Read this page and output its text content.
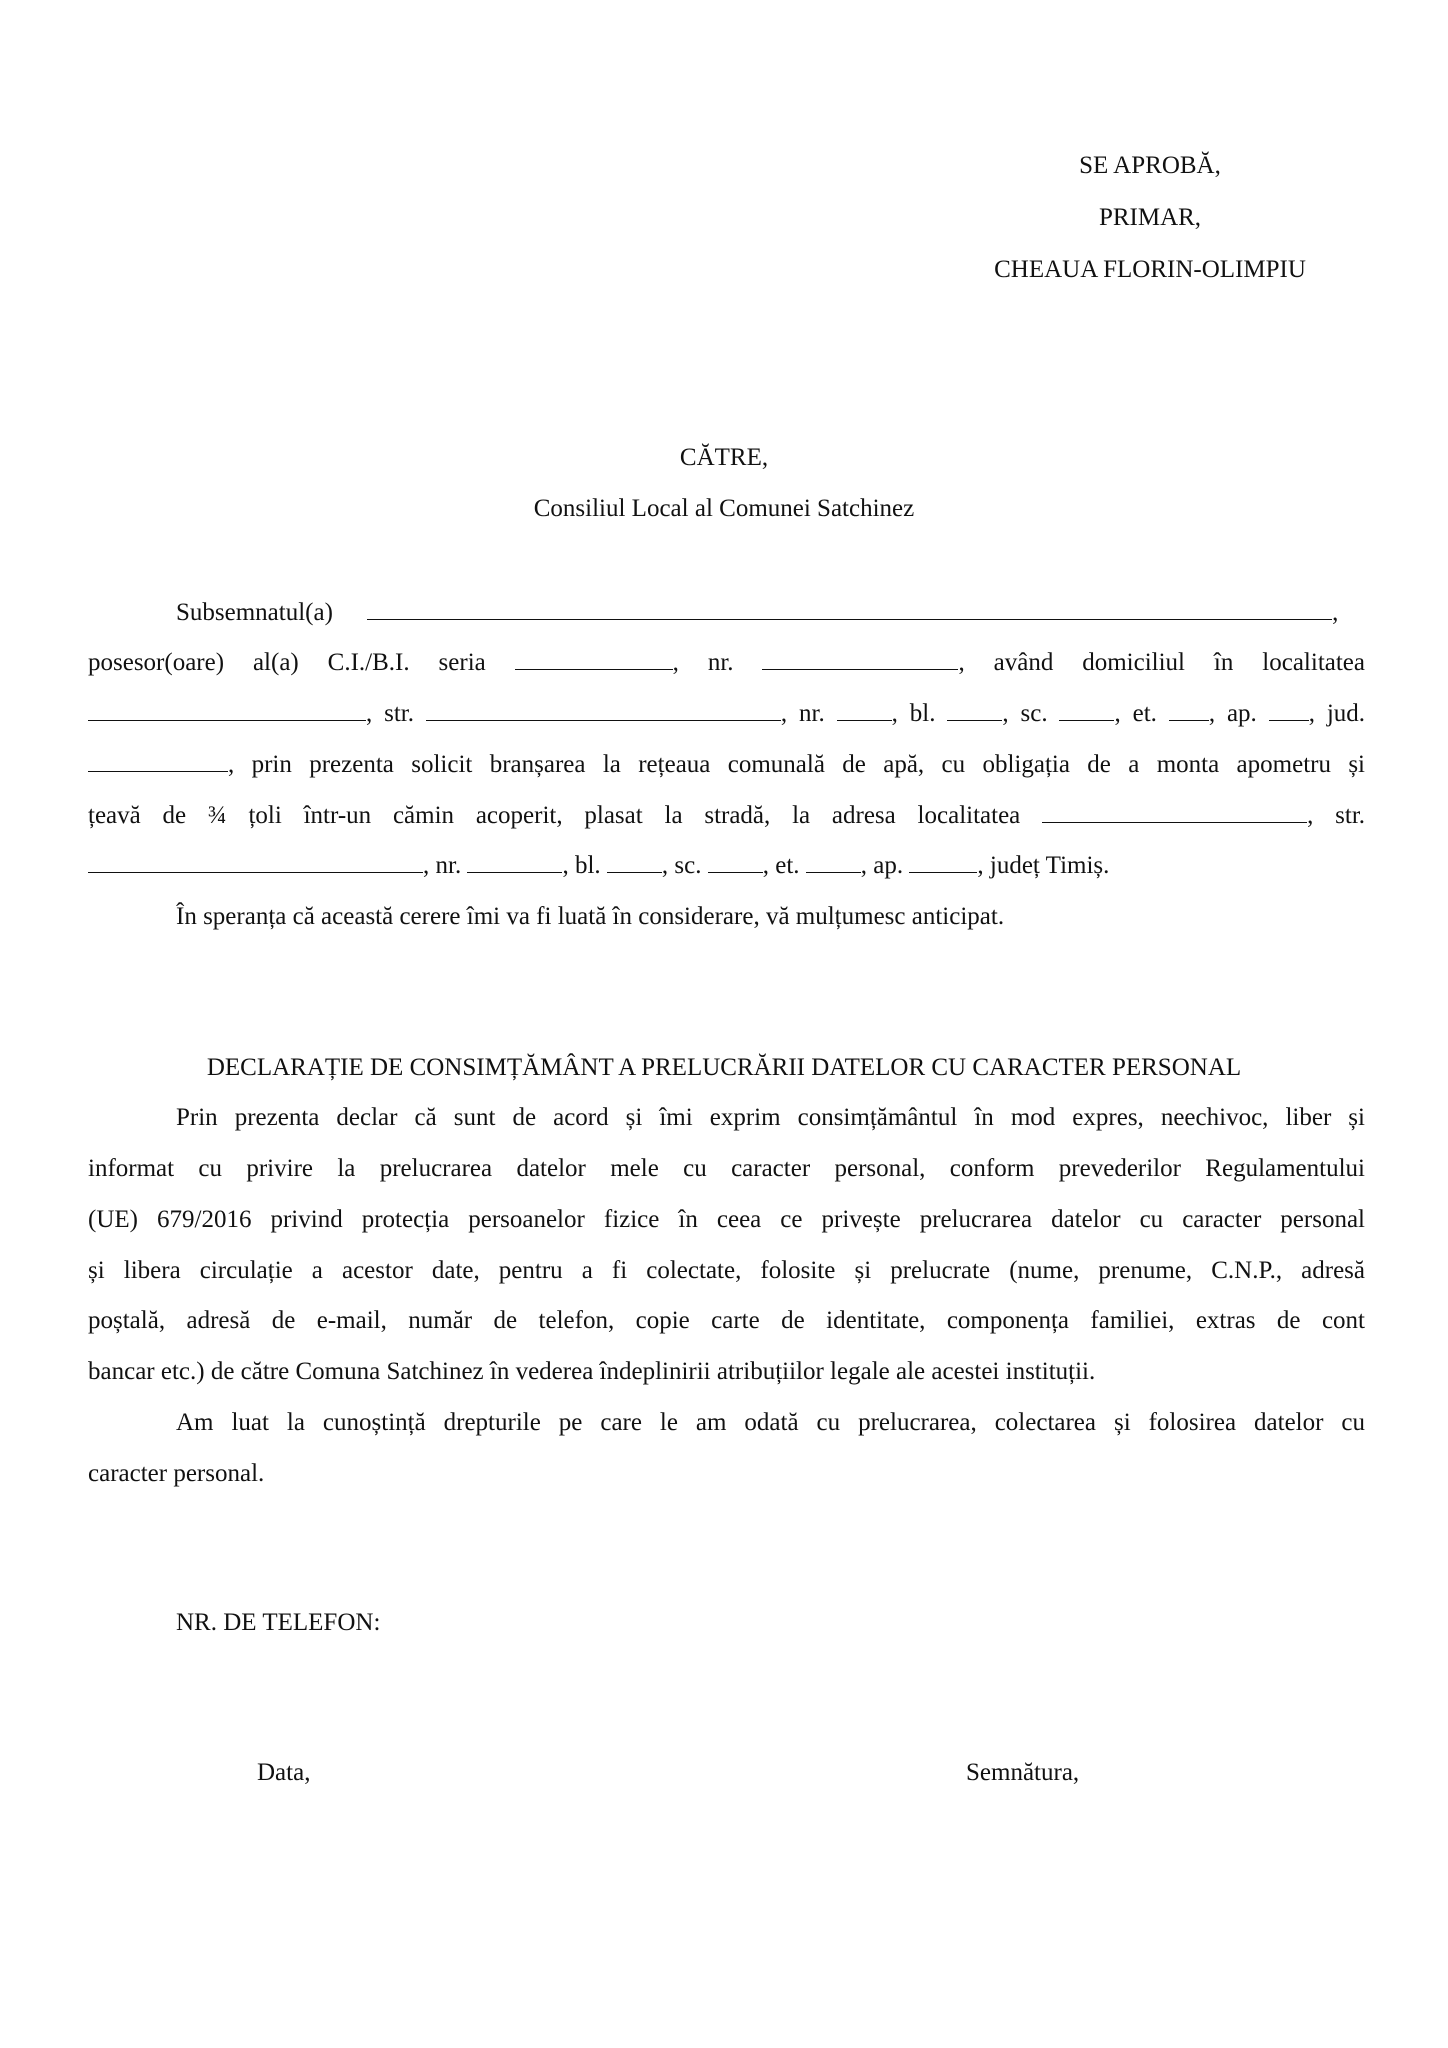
SE APROBĂ,
PRIMAR,
CHEAUA FLORIN-OLIMPIU
CĂTRE,
Consiliul Local al Comunei Satchinez
Subsemnatul(a)	,
posesor(oare) al(a) C.I./B.I. seria	, nr.	, având domiciliul în localitatea
, str.	, nr.	, bl.	, sc.	, et. , ap. , jud.
, prin prezenta solicit branșarea la rețeaua comunală de apă, cu obligația de a monta apometru și
țeavă de ¾ țoli într-un cămin acoperit, plasat la stradă, la adresa localitatea	, str.
, nr.	, bl. , sc. , et. , ap.	, județ Timiș.
În speranța că această cerere îmi va fi luată în considerare, vă mulțumesc anticipat.
DECLARAȚIE DE CONSIMȚĂMÂNT A PRELUCRĂRII DATELOR CU CARACTER PERSONAL
Prin prezenta declar că sunt de acord și îmi exprim consimțământul în mod expres, neechivoc, liber și
informat cu privire la prelucrarea datelor mele cu caracter personal, conform prevederilor Regulamentului
(UE) 679/2016 privind protecția persoanelor fizice în ceea ce privește prelucrarea datelor cu caracter personal
și libera circulație a acestor date, pentru a fi colectate, folosite și prelucrate (nume, prenume, C.N.P., adresă
poștală, adresă de e-mail, număr de telefon, copie carte de identitate, componența familiei, extras de cont
bancar etc.) de către Comuna Satchinez în vederea îndeplinirii atribuțiilor legale ale acestei instituții.
Am luat la cunoștință drepturile pe care le am odată cu prelucrarea, colectarea și folosirea datelor cu
caracter personal.
NR. DE TELEFON:
Data,	Semnătura,
